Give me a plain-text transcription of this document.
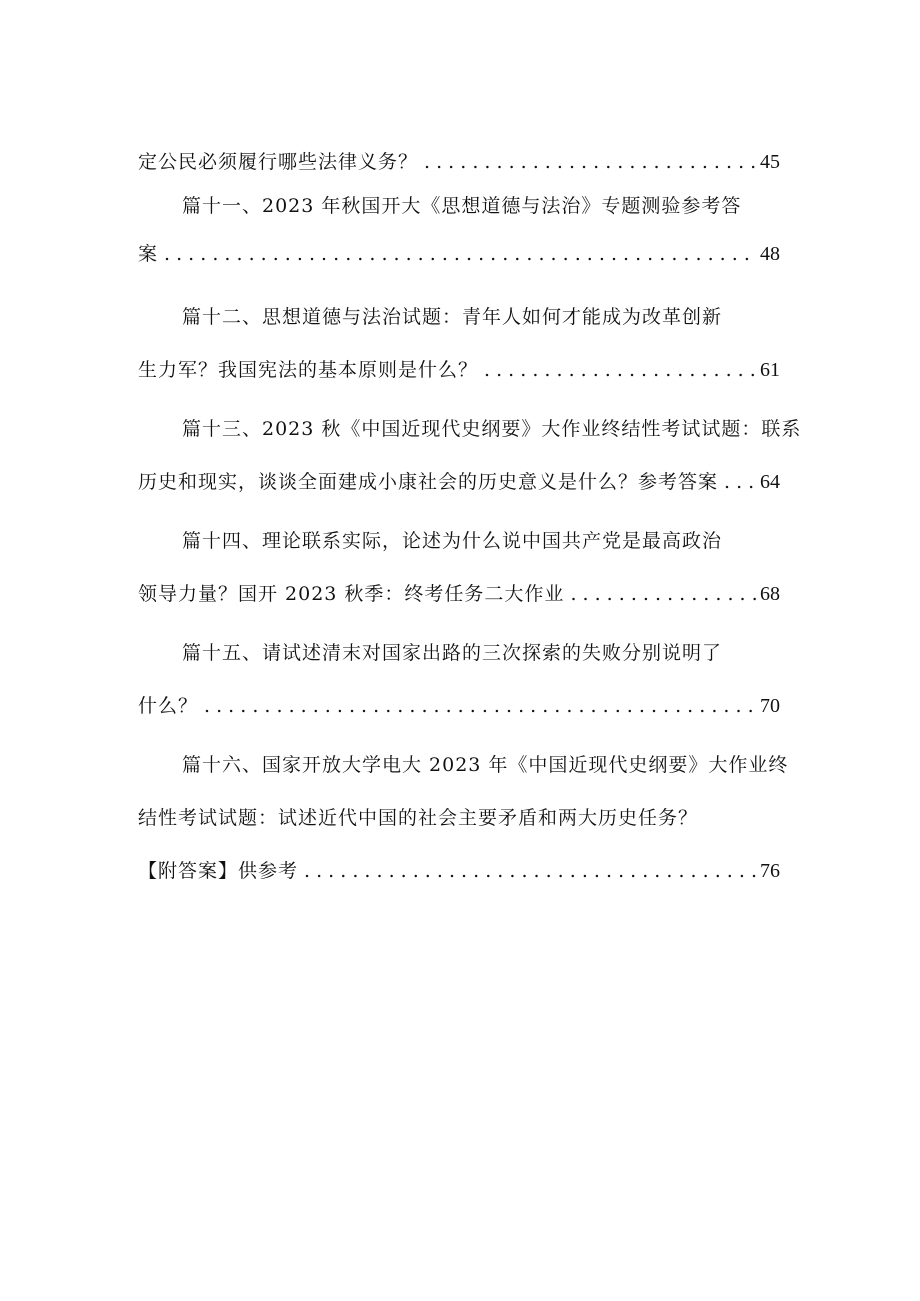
定公民必须履行哪些法律义务？ . . .	45
篇十一、2023 年秋国开大《思想道德与法治》专题测验参考答
案 . . .	48
篇十二、思想道德与法治试题：青年人如何才能成为改革创新
生力军？我国宪法的基本原则是什么？ . . .	61
篇十三、2023 秋《中国近现代史纲要》大作业终结性考试试题：联系
历史和现实，谈谈全面建成小康社会的历史意义是什么？参考答案 . . . 64
篇十四、理论联系实际，论述为什么说中国共产党是最高政治
领导力量？国开 2023 秋季：终考任务二大作业 . . .	68
篇十五、请试述清末对国家出路的三次探索的失败分别说明了
什么？ . . .	70
篇十六、国家开放大学电大 2023 年《中国近现代史纲要》大作业终
结性考试试题：试述近代中国的社会主要矛盾和两大历史任务？
【附答案】供参考 . . .	76
